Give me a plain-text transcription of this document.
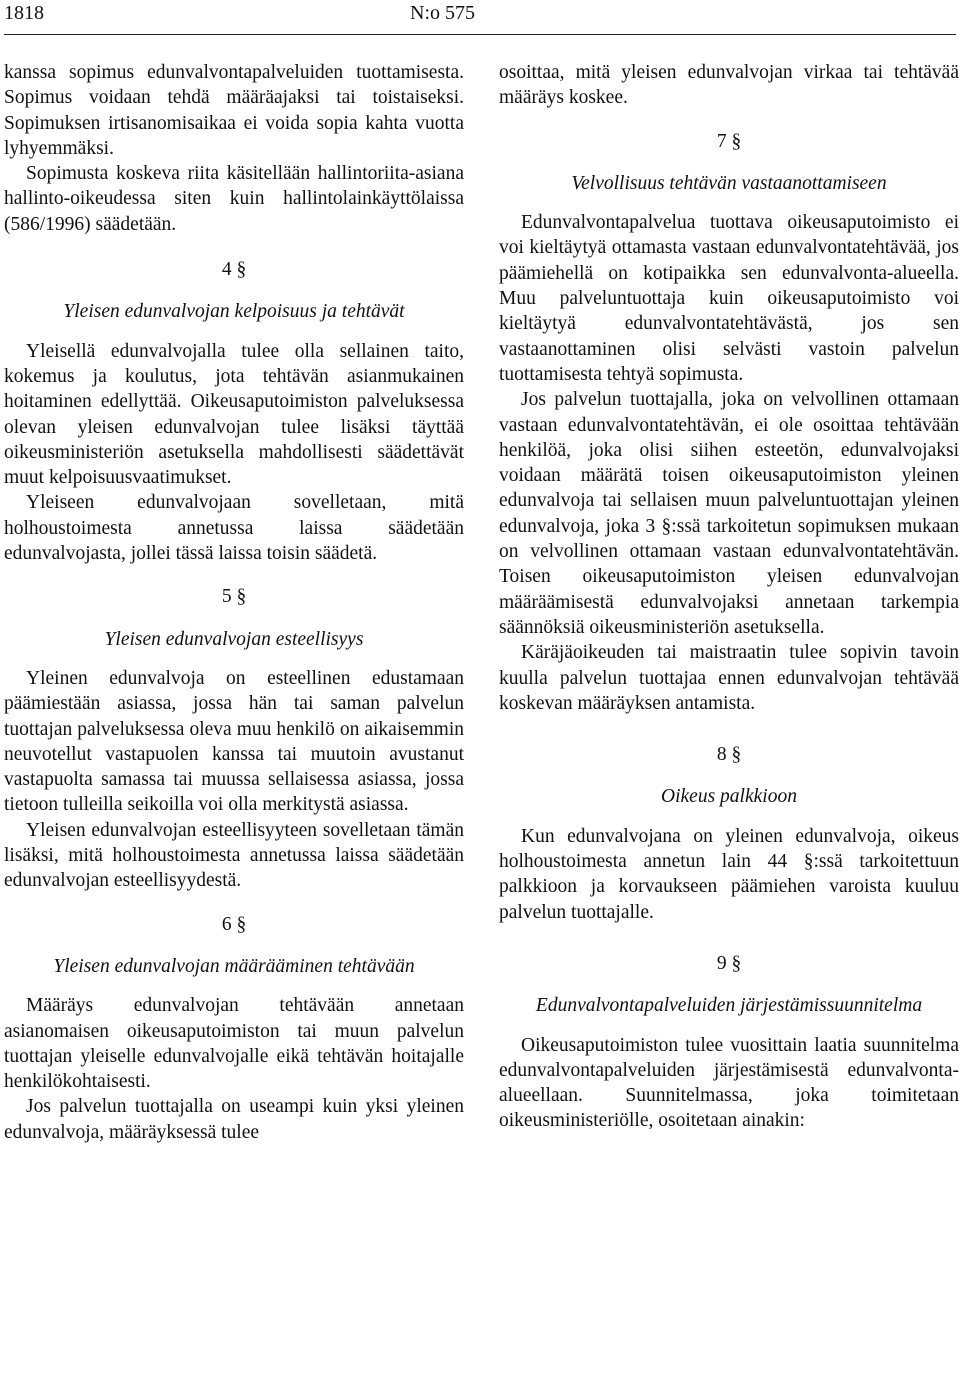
1818	N:o 575

kanssa sopimus edunvalvontapalveluiden tuottamisesta. Sopimus voidaan tehdä määräajaksi tai toistaiseksi. Sopimuksen irtisanomisaikaa ei voida sopia kahta vuotta lyhyemmäksi.

Sopimusta koskeva riita käsitellään hallintoriita-asiana hallinto-oikeudessa siten kuin hallintolainkäyttölaissa (586/1996) säädetään.

4 §
Yleisen edunvalvojan kelpoisuus ja tehtävät

Yleisellä edunvalvojalla tulee olla sellainen taito, kokemus ja koulutus, jota tehtävän asianmukainen hoitaminen edellyttää. Oikeusaputoimiston palveluksessa olevan yleisen edunvalvojan tulee lisäksi täyttää oikeusministeriön asetuksella mahdollisesti säädettävät muut kelpoisuusvaatimukset.

Yleiseen edunvalvojaan sovelletaan, mitä holhoustoimesta annetussa laissa säädetään edunvalvojasta, jollei tässä laissa toisin säädetä.

5 §
Yleisen edunvalvojan esteellisyys

Yleinen edunvalvoja on esteellinen edustamaan päämiestään asiassa, jossa hän tai saman palvelun tuottajan palveluksessa oleva muu henkilö on aikaisemmin neuvotellut vastapuolen kanssa tai muutoin avustanut vastapuolta samassa tai muussa sellaisessa asiassa, jossa tietoon tulleilla seikoilla voi olla merkitystä asiassa.

Yleisen edunvalvojan esteellisyyteen sovelletaan tämän lisäksi, mitä holhoustoimesta annetussa laissa säädetään edunvalvojan esteellisyydestä.

6 §
Yleisen edunvalvojan määrääminen tehtävään

Määräys edunvalvojan tehtävään annetaan asianomaisen oikeusaputoimiston tai muun palvelun tuottajan yleiselle edunvalvojalle eikä tehtävän hoitajalle henkilökohtaisesti.

Jos palvelun tuottajalla on useampi kuin yksi yleinen edunvalvoja, määräyksessä tulee

osoittaa, mitä yleisen edunvalvojan virkaa tai tehtävää määräys koskee.

7 §
Velvollisuus tehtävän vastaanottamiseen

Edunvalvontapalvelua tuottava oikeusaputoimisto ei voi kieltäytyä ottamasta vastaan edunvalvontatehtävää, jos päämiehellä on kotipaikka sen edunvalvonta-alueella. Muu palveluntuottaja kuin oikeusaputoimisto voi kieltäytyä edunvalvontatehtävästä, jos sen vastaanottaminen olisi selvästi vastoin palvelun tuottamisesta tehtyä sopimusta.

Jos palvelun tuottajalla, joka on velvollinen ottamaan vastaan edunvalvontatehtävän, ei ole osoittaa tehtävään henkilöä, joka olisi siihen esteetön, edunvalvojaksi voidaan määrätä toisen oikeusaputoimiston yleinen edunvalvoja tai sellaisen muun palveluntuottajan yleinen edunvalvoja, joka 3 §:ssä tarkoitetun sopimuksen mukaan on velvollinen ottamaan vastaan edunvalvontatehtävän. Toisen oikeusaputoimiston yleisen edunvalvojan määräämisestä edunvalvojaksi annetaan tarkempia säännöksiä oikeusministeriön asetuksella.

Käräjäoikeuden tai maistraatin tulee sopivin tavoin kuulla palvelun tuottajaa ennen edunvalvojan tehtävää koskevan määräyksen antamista.

8 §
Oikeus palkkioon

Kun edunvalvojana on yleinen edunvalvoja, oikeus holhoustoimesta annetun lain 44 §:ssä tarkoitettuun palkkioon ja korvaukseen päämiehen varoista kuuluu palvelun tuottajalle.

9 §
Edunvalvontapalveluiden järjestämissuunnitelma

Oikeusaputoimiston tulee vuosittain laatia suunnitelma edunvalvontapalveluiden järjestämisestä edunvalvonta-alueellaan. Suunnitelmassa, joka toimitetaan oikeusministeriölle, osoitetaan ainakin:
